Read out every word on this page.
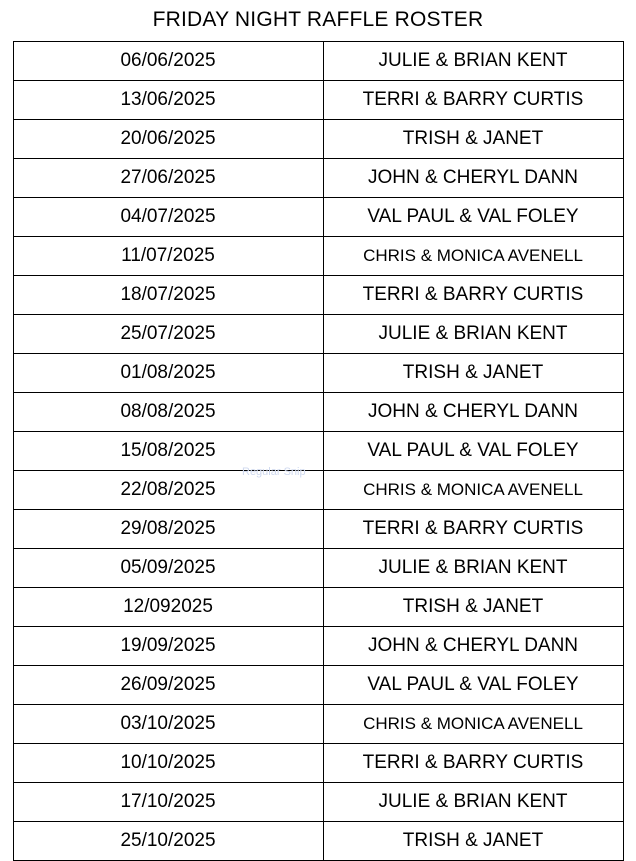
FRIDAY NIGHT RAFFLE ROSTER
06/06/2025	JULIE & BRIAN KENT
13/06/2025	TERRI & BARRY CURTIS
20/06/2025	TRISH & JANET
27/06/2025	JOHN & CHERYL DANN
04/07/2025	VAL PAUL & VAL FOLEY
11/07/2025	CHRIS & MONICA AVENELL
18/07/2025	TERRI & BARRY CURTIS
25/07/2025	JULIE & BRIAN KENT
01/08/2025	TRISH & JANET
08/08/2025	JOHN & CHERYL DANN
15/08/2025	VAL PAUL & VAL FOLEY
22/08/2025	CHRIS & MONICA AVENELL
29/08/2025	TERRI & BARRY CURTIS
05/09/2025	JULIE & BRIAN KENT
12/092025	TRISH & JANET
19/09/2025	JOHN & CHERYL DANN
26/09/2025	VAL PAUL & VAL FOLEY
03/10/2025	CHRIS & MONICA AVENELL
10/10/2025	TERRI & BARRY CURTIS
17/10/2025	JULIE & BRIAN KENT
25/10/2025	TRISH & JANET
Regular Snip
